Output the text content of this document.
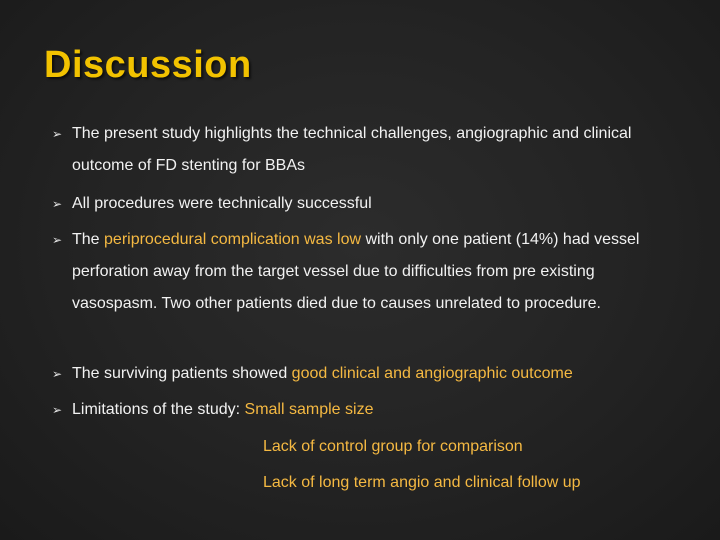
Discussion
➢ The present study highlights the technical challenges, angiographic and clinical outcome of FD stenting for BBAs
➢ All procedures were technically successful
➢ The periprocedural complication was low with only one patient (14%) had vessel perforation away from the target vessel due to difficulties from pre existing vasospasm. Two other patients died due to causes unrelated to procedure.
➢ The surviving patients showed good clinical and angiographic outcome
➢ Limitations of the study: Small sample size
Lack of control group for comparison
Lack of long term angio and clinical follow up
